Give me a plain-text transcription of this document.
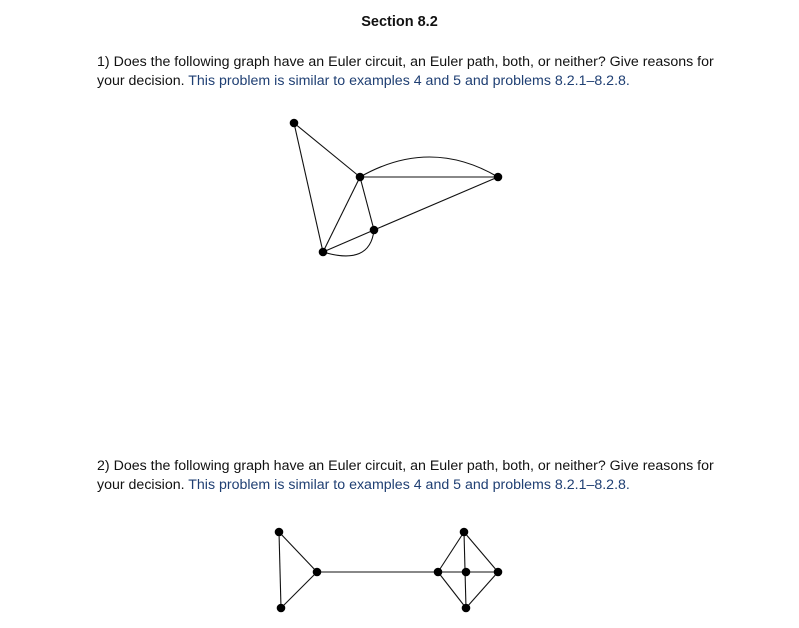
Section 8.2
1) Does the following graph have an Euler circuit, an Euler path, both, or neither? Give reasons for your decision. This problem is similar to examples 4 and 5 and problems 8.2.1–8.2.8.
2) Does the following graph have an Euler circuit, an Euler path, both, or neither? Give reasons for your decision. This problem is similar to examples 4 and 5 and problems 8.2.1–8.2.8.
